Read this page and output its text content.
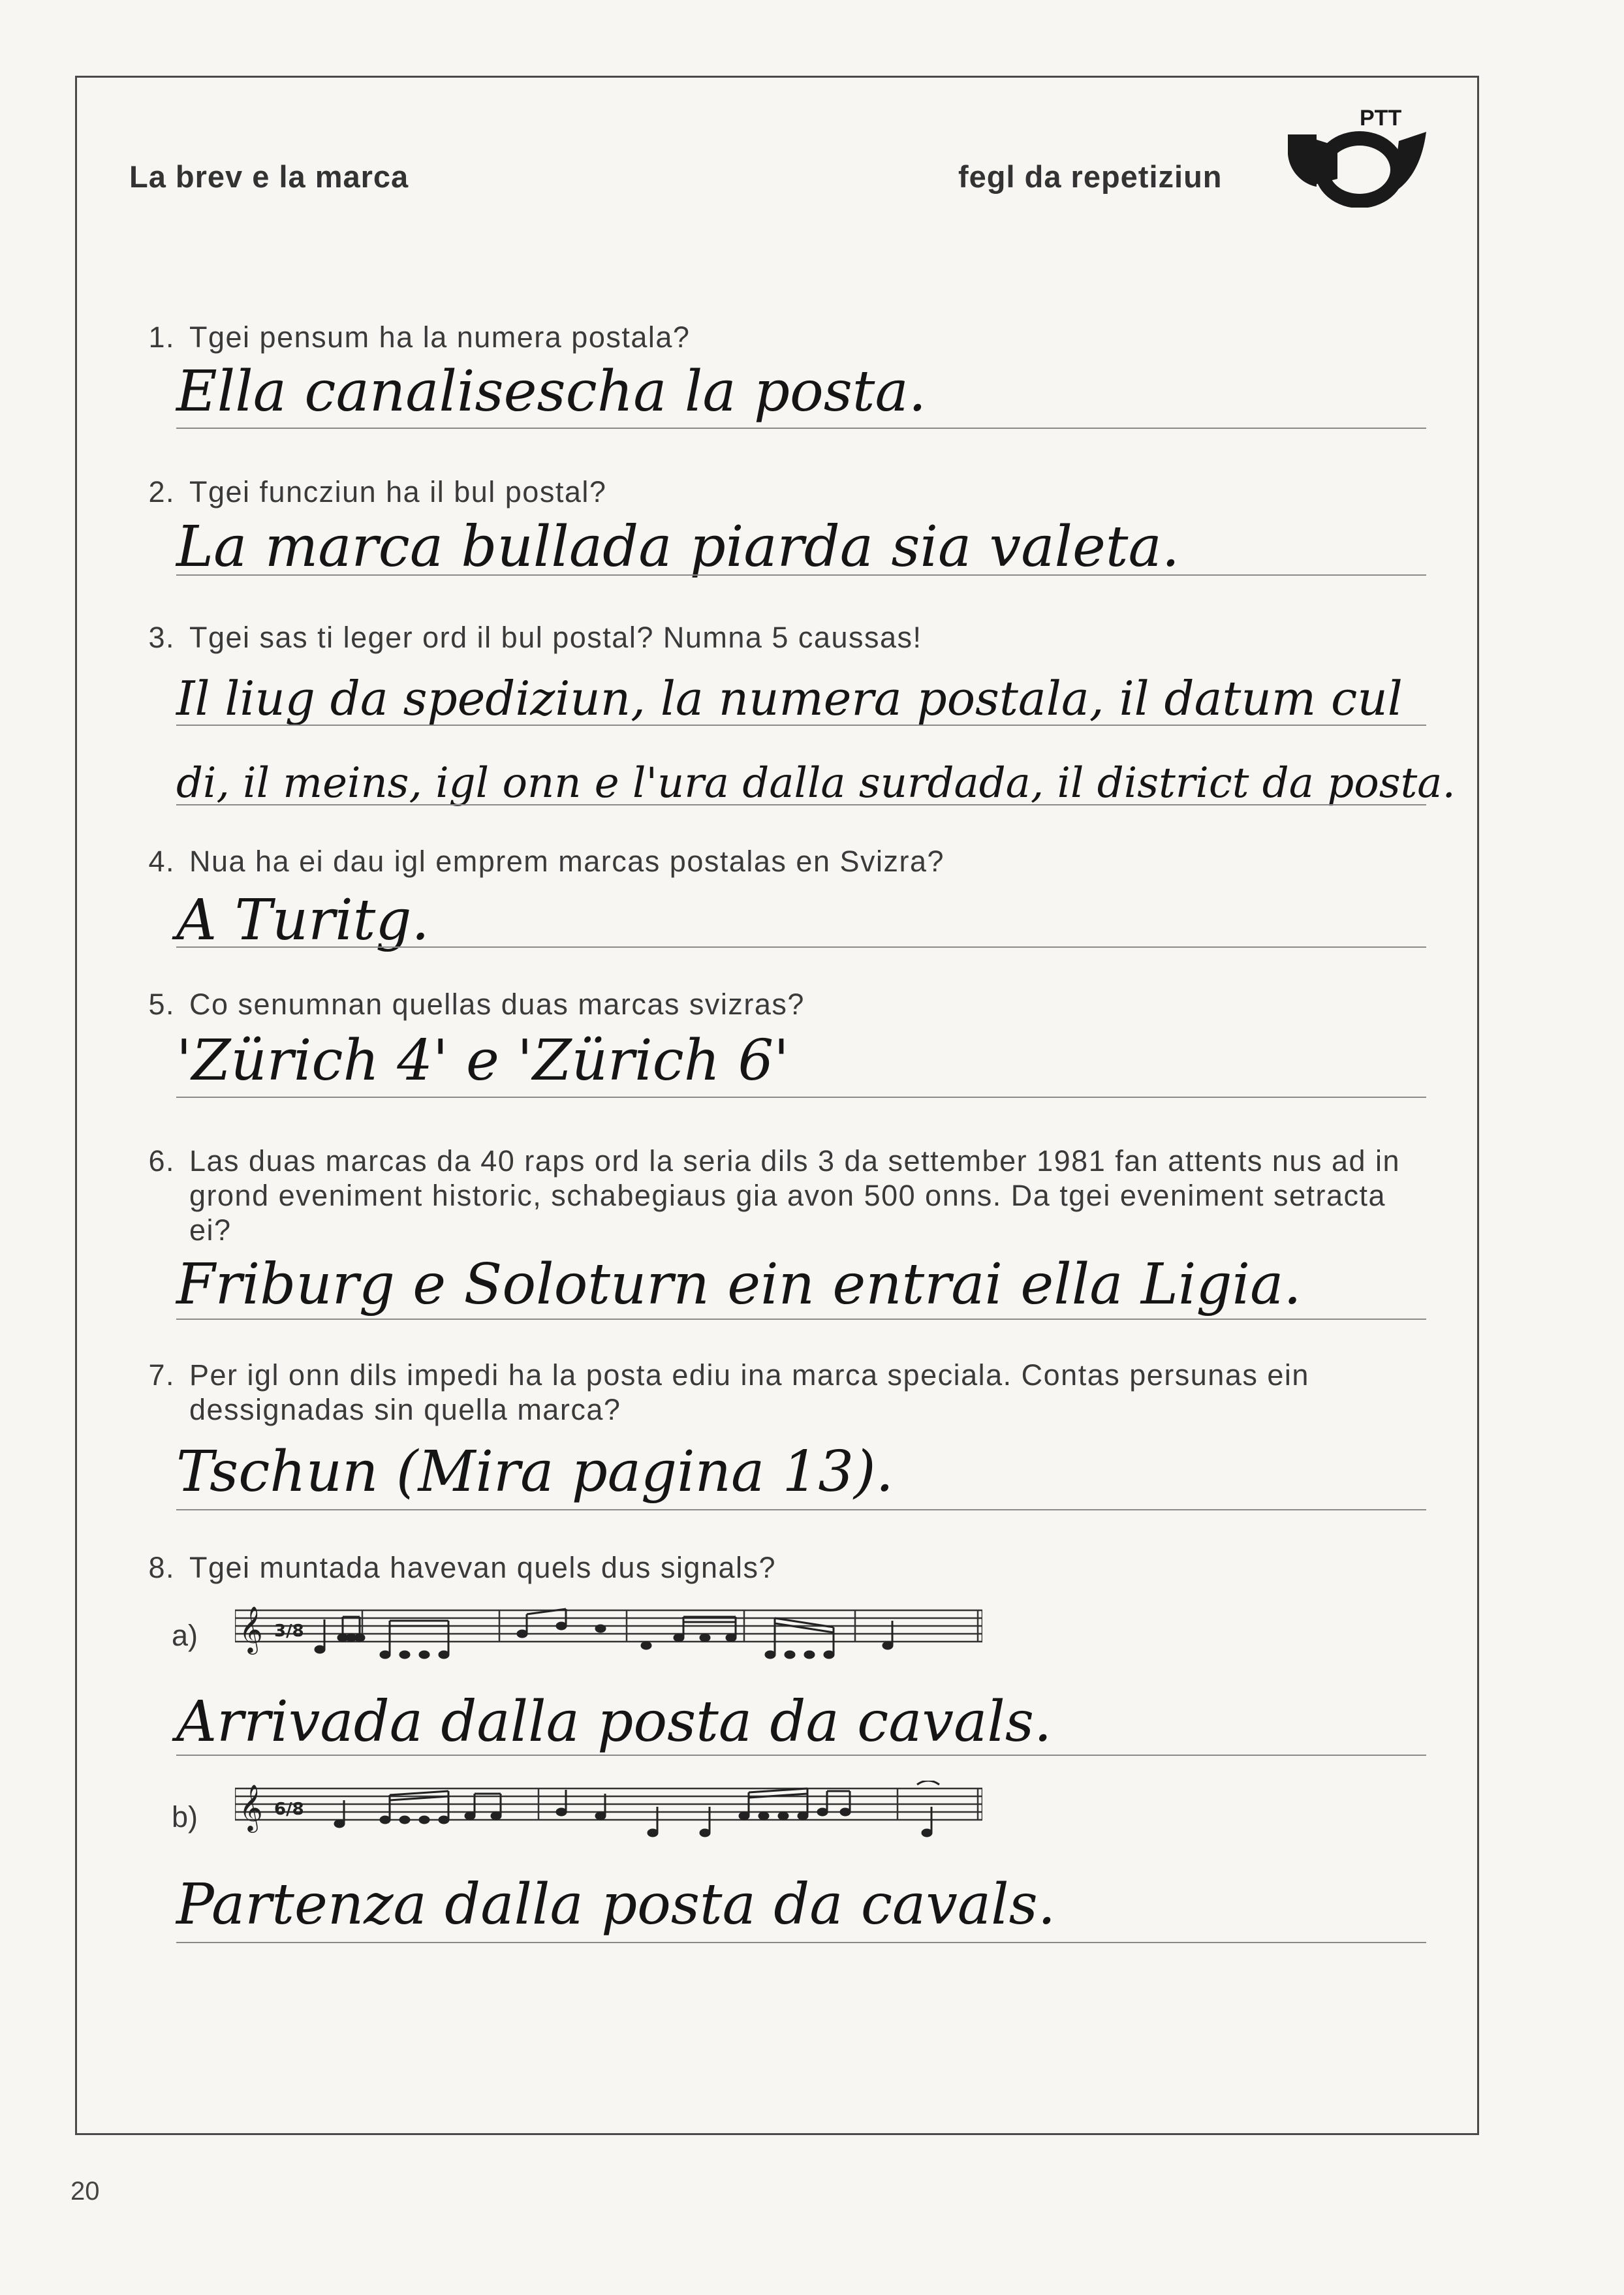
La brev e la marca	fegl da repetiziun
PTT
1. Tgei pensum ha la numera postala?
Ella canalisescha la posta.
2. Tgei funcziun ha il bul postal?
La marca bullada piarda sia valeta.
3. Tgei sas ti leger ord il bul postal? Numna 5 caussas!
Il liug da spediziun, la numera postala, il datum cul
di, il meins, igl onn e l'ura dalla surdada, il district da posta.
4. Nua ha ei dau igl emprem marcas postalas en Svizra?
A Turitg.
5. Co senumnan quellas duas marcas svizras?
'Zürich 4' e 'Zürich 6'
6. Las duas marcas da 40 raps ord la seria dils 3 da settember 1981 fan attents nus ad in grond eveniment historic, schabegiaus gia avon 500 onns. Da tgei eveniment setracta ei?
Friburg e Soloturn ein entrai ella Ligia.
7. Per igl onn dils impedi ha la posta ediu ina marca speciala. Contas persunas ein dessignadas sin quella marca?
Tschun (Mira pagina 13).
8. Tgei muntada havevan quels dus signals?
a) 𝄞 3/8
Arrivada dalla posta da cavals.
b) 𝄞 6/8
Partenza dalla posta da cavals.
20
